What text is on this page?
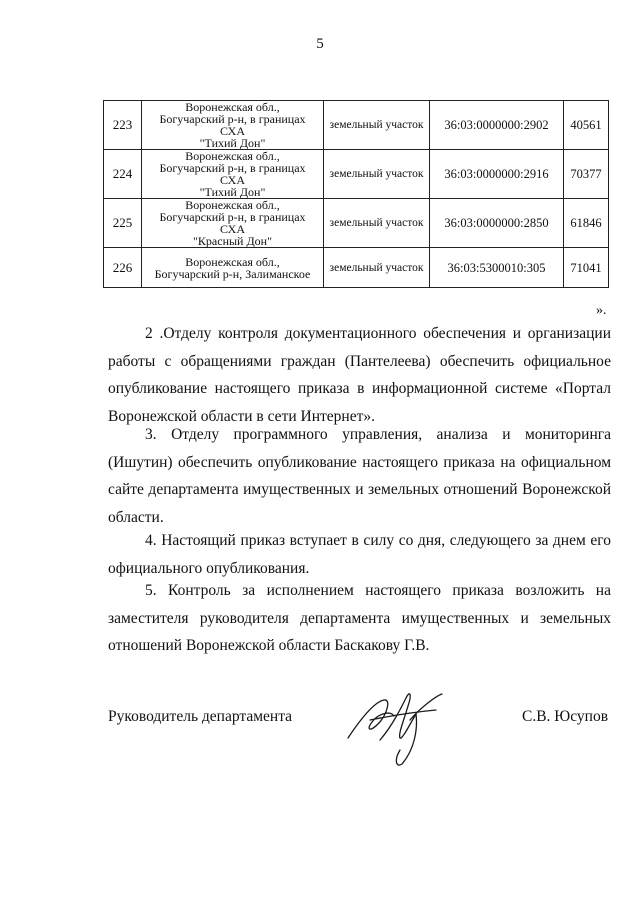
5
223	Воронежская обл.,
Богучарский р-н, в границах СХА
"Тихий Дон"	земельный участок	36:03:0000000:2902	40561
224	Воронежская обл.,
Богучарский р-н, в границах СХА
"Тихий Дон"	земельный участок	36:03:0000000:2916	70377
225	Воронежская обл.,
Богучарский р-н, в границах СХА
"Красный Дон"	земельный участок	36:03:0000000:2850	61846
226	Воронежская обл.,
Богучарский р-н, Залиманское	земельный участок	36:03:5300010:305	71041
».

2 .Отделу контроля документационного обеспечения и организации работы с обращениями граждан (Пантелеева) обеспечить официальное опубликование настоящего приказа в информационной системе «Портал Воронежской области в сети Интернет».

3. Отделу программного управления, анализа и мониторинга (Ишутин) обеспечить опубликование настоящего приказа на официальном сайте департамента имущественных и земельных отношений Воронежской области.

4. Настоящий приказ вступает в силу со дня, следующего за днем его официального опубликования.

5. Контроль за исполнением настоящего приказа возложить на заместителя руководителя департамента имущественных и земельных отношений Воронежской области Баскакову Г.В.

Руководитель департамента	С.В. Юсупов
